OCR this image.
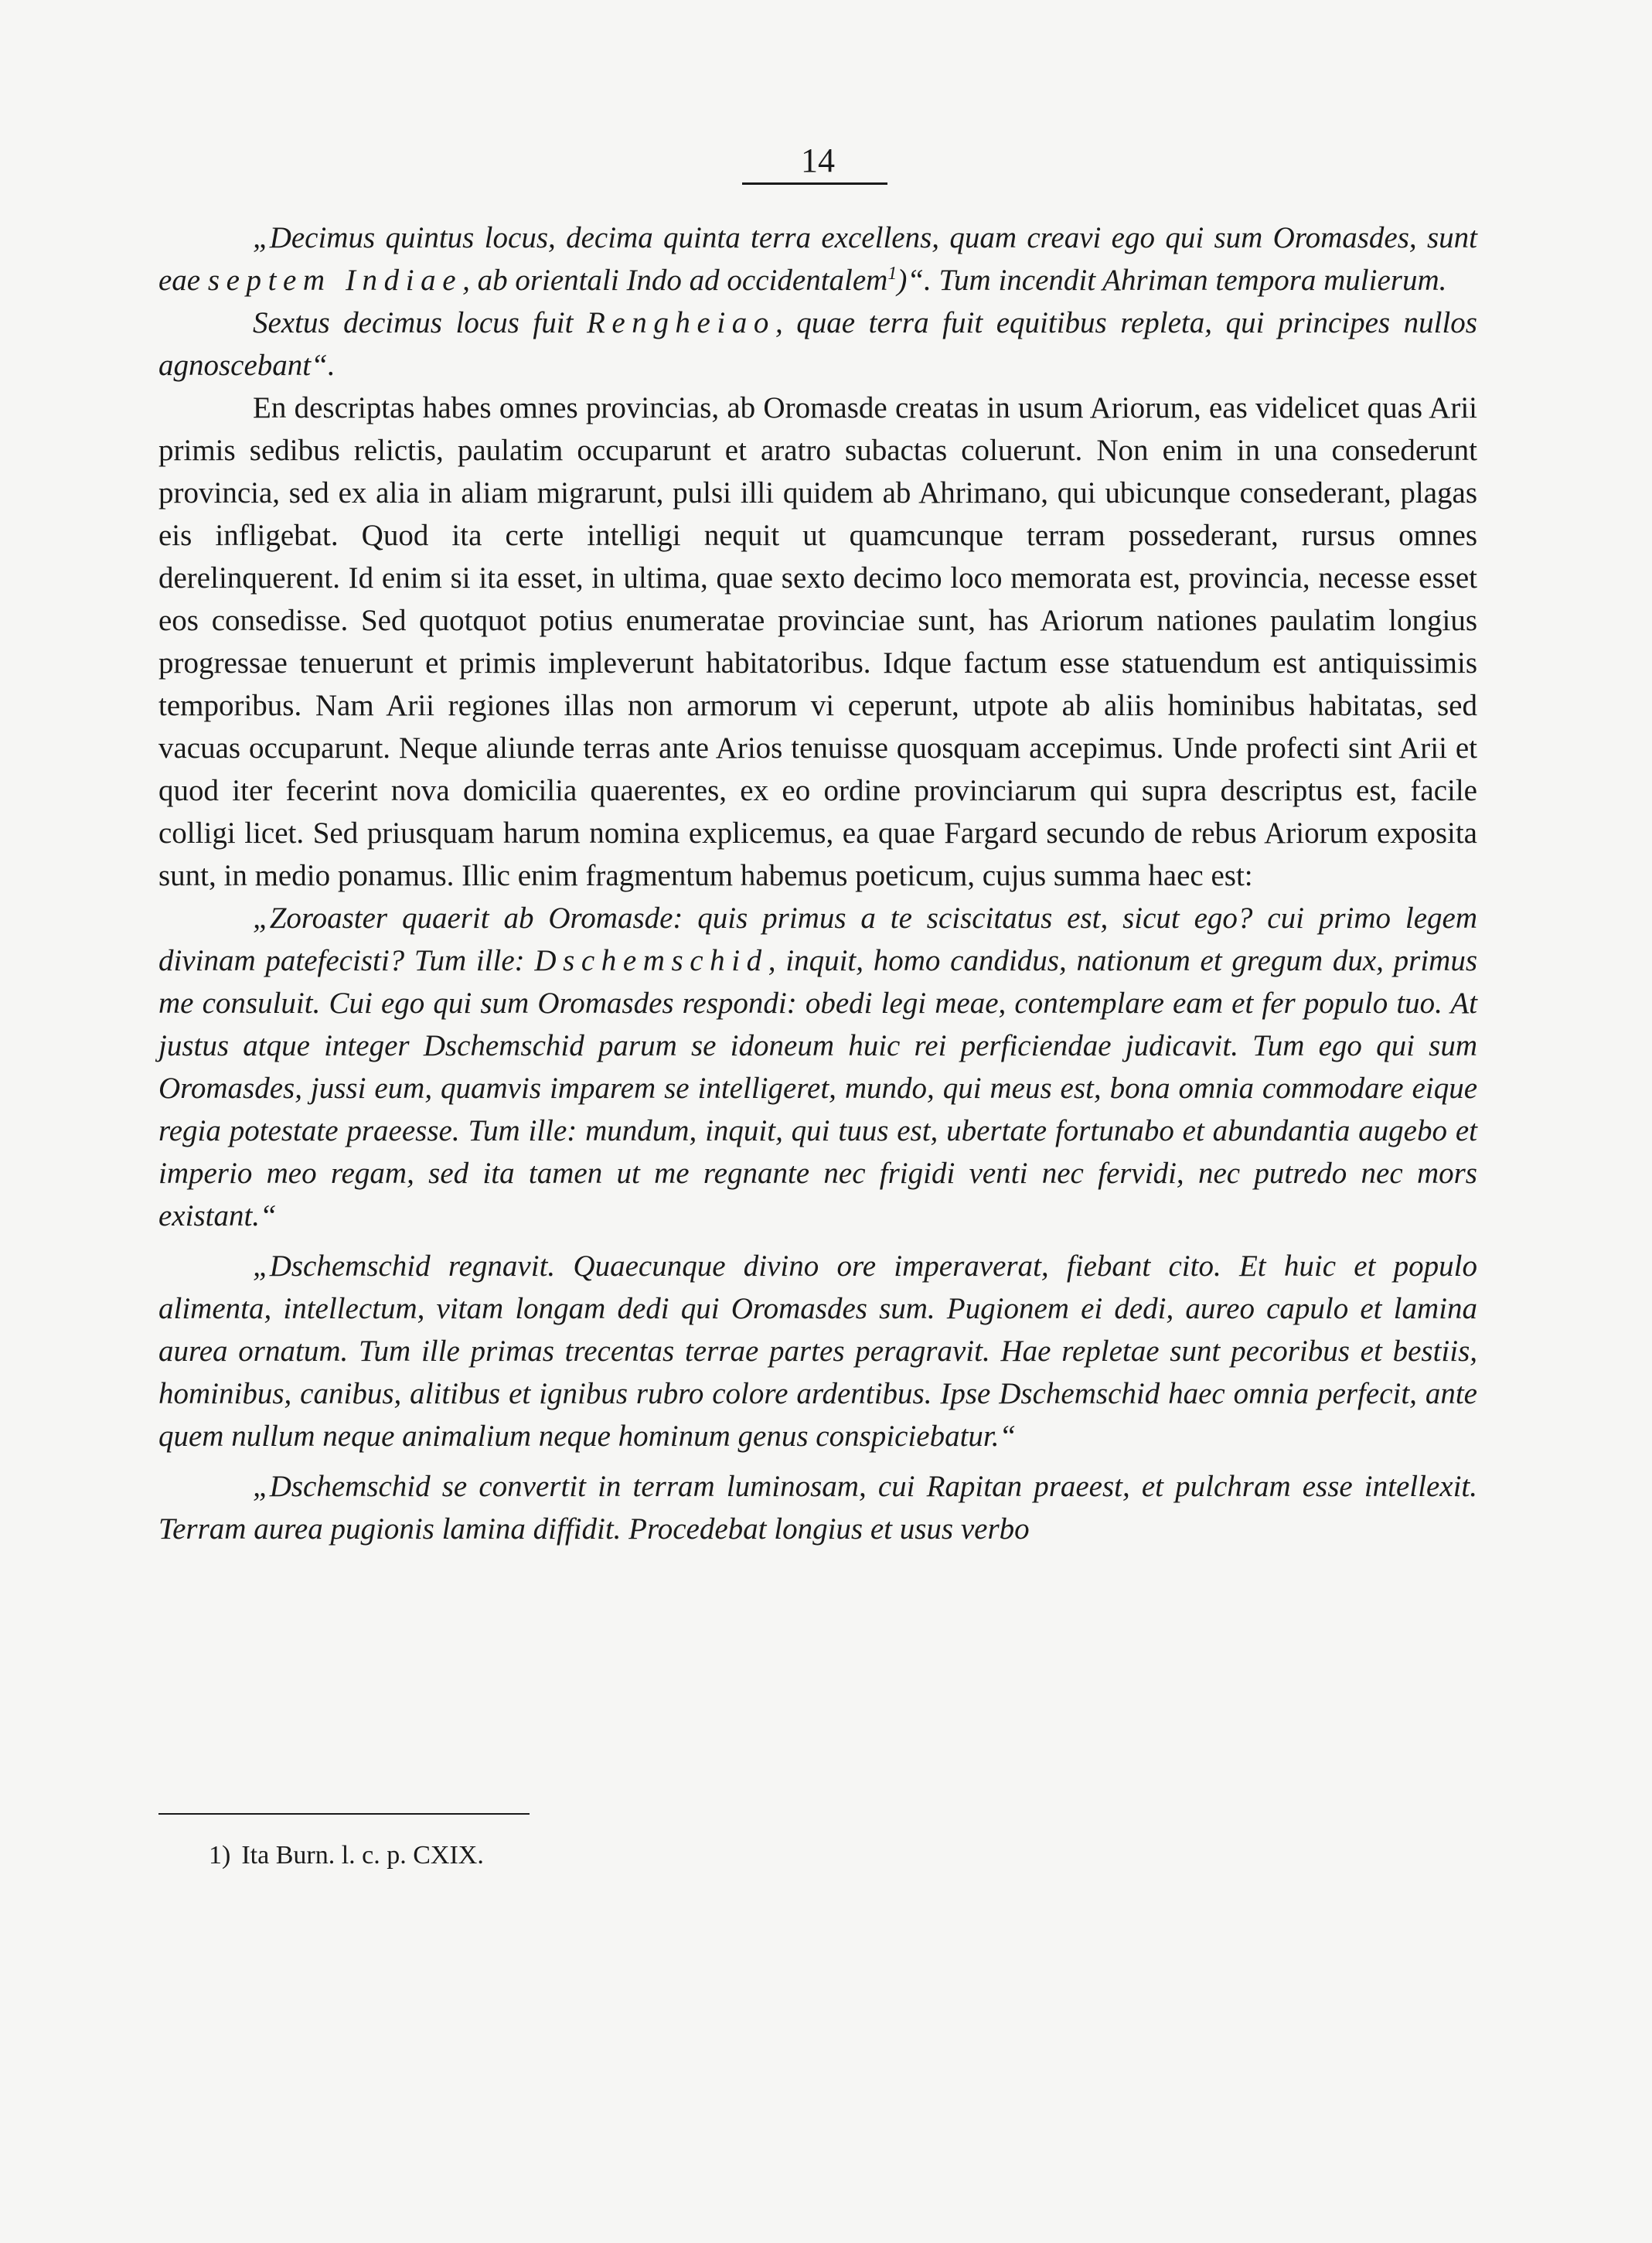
14

„Decimus quintus locus, decima quinta terra excellens, quam creavi ego qui sum Oromasdes, sunt eae septem Indiae, ab orientali Indo ad occidentalem$^1$)“. Tum incendit Ahriman tempora mulierum.

Sextus decimus locus fuit Rengheiao, quae terra fuit equitibus repleta, qui principes nullos agnoscebant“.

En descriptas habes omnes provincias, ab Oromasde creatas in usum Ariorum, eas videlicet quas Arii primis sedibus relictis, paulatim occuparunt et aratro subactas coluerunt. Non enim in una consederunt provincia, sed ex alia in aliam migrarunt, pulsi illi quidem ab Ahrimano, qui ubicunque consederant, plagas eis infligebat. Quod ita certe intelligi nequit ut quamcunque terram possederant, rursus omnes derelinquerent. Id enim si ita esset, in ultima, quae sexto decimo loco memorata est, provincia, necesse esset eos consedisse. Sed quotquot potius enumeratae provinciae sunt, has Ariorum nationes paulatim longius progressae tenuerunt et primis impleverunt habitatoribus. Idque factum esse statuendum est antiquissimis temporibus. Nam Arii regiones illas non armorum vi ceperunt, utpote ab aliis hominibus habitatas, sed vacuas occuparunt. Neque aliunde terras ante Arios tenuisse quosquam accepimus. Unde profecti sint Arii et quod iter fecerint nova domicilia quaerentes, ex eo ordine provinciarum qui supra descriptus est, facile colligi licet. Sed priusquam harum nomina explicemus, ea quae Fargard secundo de rebus Ariorum exposita sunt, in medio ponamus. Illic enim fragmentum habemus poeticum, cujus summa haec est:

„Zoroaster quaerit ab Oromasde: quis primus a te sciscitatus est, sicut ego? cui primo legem divinam patefecisti? Tum ille: Dschemschid, inquit, homo candidus, nationum et gregum dux, primus me consuluit. Cui ego qui sum Oromasdes respondi: obedi legi meae, contemplare eam et fer populo tuo. At justus atque integer Dschemschid parum se idoneum huic rei perficiendae judicavit. Tum ego qui sum Oromasdes, jussi eum, quamvis imparem se intelligeret, mundo, qui meus est, bona omnia commodare eique regia potestate praeesse. Tum ille: mundum, inquit, qui tuus est, ubertate fortunabo et abundantia augebo et imperio meo regam, sed ita tamen ut me regnante nec frigidi venti nec fervidi, nec putredo nec mors existant.“

„Dschemschid regnavit. Quaecunque divino ore imperaverat, fiebant cito. Et huic et populo alimenta, intellectum, vitam longam dedi qui Oromasdes sum. Pugionem ei dedi, aureo capulo et lamina aurea ornatum. Tum ille primas trecentas terrae partes peragravit. Hae repletae sunt pecoribus et bestiis, hominibus, canibus, alitibus et ignibus rubro colore ardentibus. Ipse Dschemschid haec omnia perfecit, ante quem nullum neque animalium neque hominum genus conspiciebatur.“

„Dschemschid se convertit in terram luminosam, cui Rapitan praeest, et pulchram esse intellexit. Terram aurea pugionis lamina diffidit. Procedebat longius et usus verbo

1) Ita Burn. l. c. p. CXIX.
